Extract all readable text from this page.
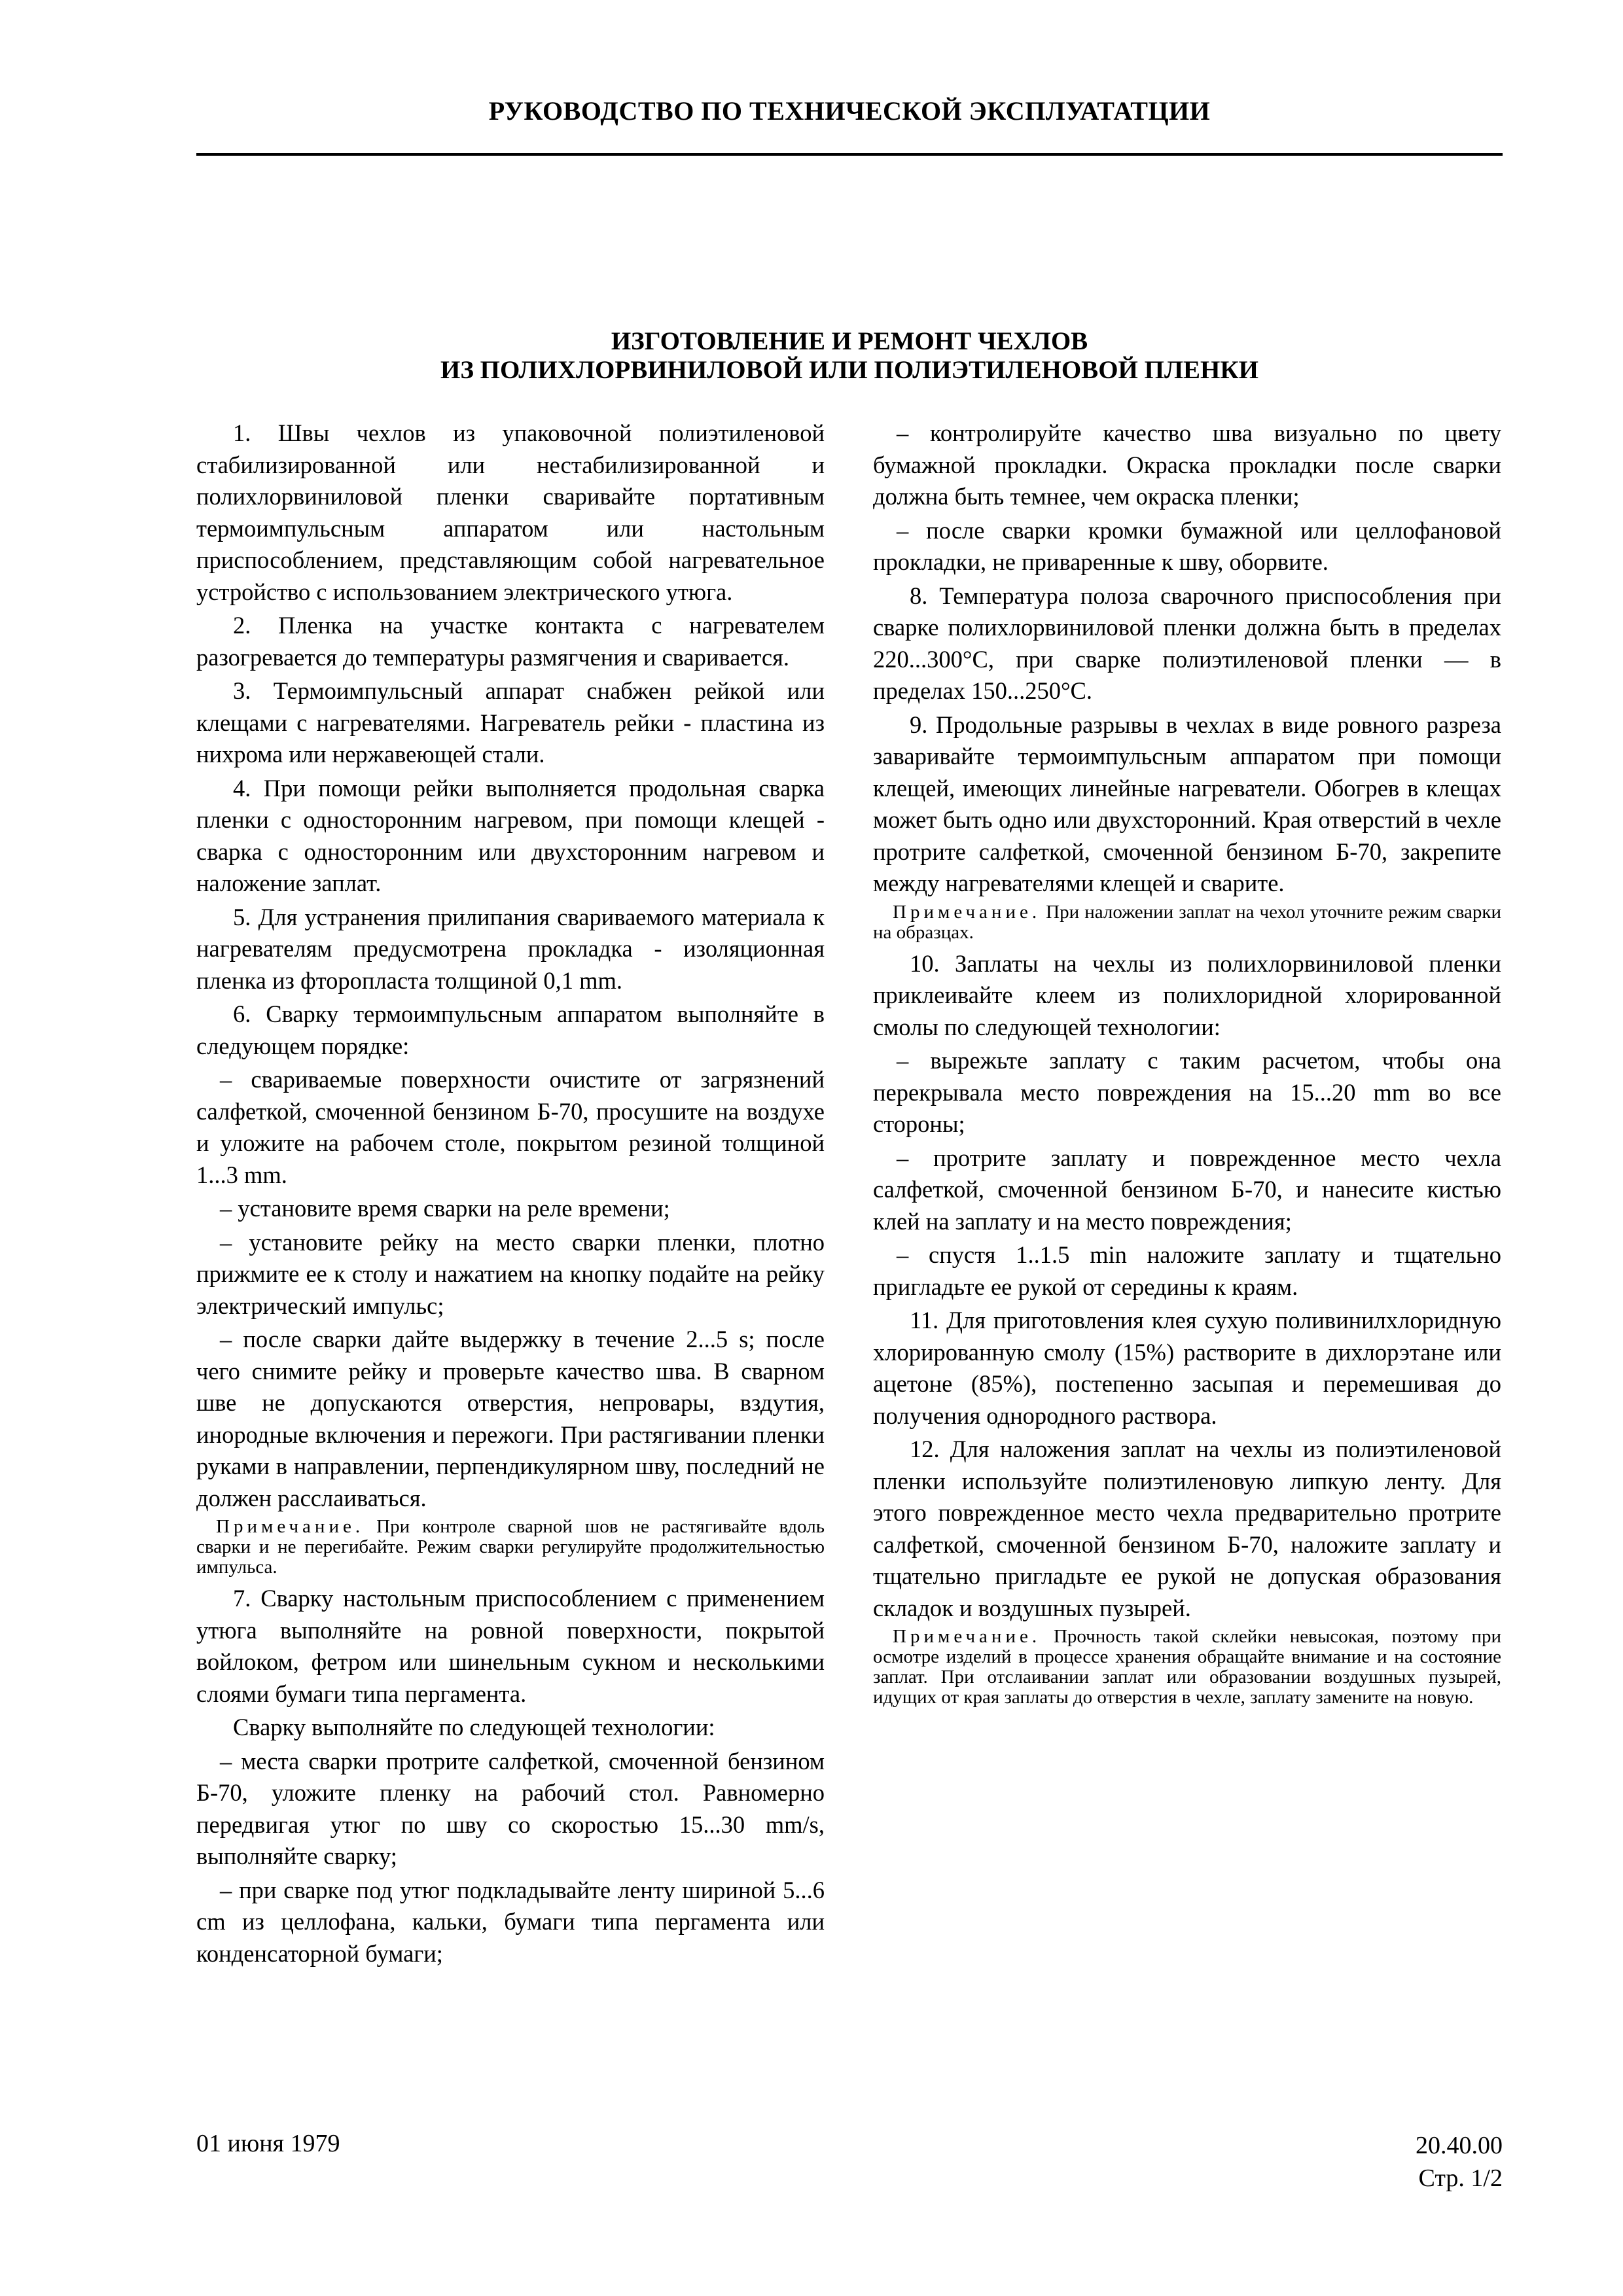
РУКОВОДСТВО ПО ТЕХНИЧЕСКОЙ ЭКСПЛУАТАТЦИИ
ИЗГОТОВЛЕНИЕ И РЕМОНТ ЧЕХЛОВ
ИЗ ПОЛИХЛОРВИНИЛОВОЙ ИЛИ ПОЛИЭТИЛЕНОВОЙ ПЛЕНКИ

1. Швы чехлов из упаковочной полиэтиленовой стабилизированной или нестабилизированной и полихлорвиниловой пленки сваривайте портативным термоимпульсным аппаратом или настольным приспособлением, представляющим собой нагревательное устройство с использованием электрического утюга.

2. Пленка на участке контакта с нагревателем разогревается до температуры размягчения и сваривается.

3. Термоимпульсный аппарат снабжен рейкой или клещами с нагревателями. Нагреватель рейки - пластина из нихрома или нержавеющей стали.

4. При помощи рейки выполняется продольная сварка пленки с односторонним нагревом, при помощи клещей - сварка с односторонним или двухсторонним нагревом и наложение заплат.

5. Для устранения прилипания свариваемого материала к нагревателям предусмотрена прокладка - изоляционная пленка из фторопласта толщиной 0,1 mm.

6. Сварку термоимпульсным аппаратом выполняйте в следующем порядке:

– свариваемые поверхности очистите от загрязнений салфеткой, смоченной бензином Б-70, просушите на воздухе и уложите на рабочем столе, покрытом резиной толщиной 1...3 mm.

– установите время сварки на реле времени;

– установите рейку на место сварки пленки, плотно прижмите ее к столу и нажатием на кнопку подайте на рейку электрический импульс;

– после сварки дайте выдержку в течение 2...5 s; после чего снимите рейку и проверьте качество шва. В сварном шве не допускаются отверстия, непровары, вздутия, инородные включения и пережоги. При растягивании пленки руками в направлении, перпендикулярном шву, последний не должен расслаиваться.

Примечание. При контроле сварной шов не растягивайте вдоль сварки и не перегибайте. Режим сварки регулируйте продолжительностью импульса.

7. Сварку настольным приспособлением с применением утюга выполняйте на ровной поверхности, покрытой войлоком, фетром или шинельным сукном и несколькими слоями бумаги типа пергамента.

Сварку выполняйте по следующей технологии:

– места сварки протрите салфеткой, смоченной бензином Б-70, уложите пленку на рабочий стол. Равномерно передвигая утюг по шву со скоростью 15...30 mm/s, выполняйте сварку;

– при сварке под утюг подкладывайте ленту шириной 5...6 cm из целлофана, кальки, бумаги типа пергамента или конденсаторной бумаги;

– контролируйте качество шва визуально по цвету бумажной прокладки. Окраска прокладки после сварки должна быть темнее, чем окраска пленки;

– после сварки кромки бумажной или целлофановой прокладки, не приваренные к шву, оборвите.

8. Температура полоза сварочного приспособления при сварке полихлорвиниловой пленки должна быть в пределах 220...300°C, при сварке полиэтиленовой пленки — в пределах 150...250°C.

9. Продольные разрывы в чехлах в виде ровного разреза заваривайте термоимпульсным аппаратом при помощи клещей, имеющих линейные нагреватели. Обогрев в клещах может быть одно или двухсторонний. Края отверстий в чехле протрите салфеткой, смоченной бензином Б-70, закрепите между нагревателями клещей и сварите.

Примечание. При наложении заплат на чехол уточните режим сварки на образцах.

10. Заплаты на чехлы из полихлорвиниловой пленки приклеивайте клеем из полихлоридной хлорированной смолы по следующей технологии:

– вырежьте заплату с таким расчетом, чтобы она перекрывала место повреждения на 15...20 mm во все стороны;

– протрите заплату и поврежденное место чехла салфеткой, смоченной бензином Б-70, и нанесите кистью клей на заплату и на место повреждения;

– спустя 1..1.5 min наложите заплату и тщательно пригладьте ее рукой от середины к краям.

11. Для приготовления клея сухую поливинилхлоридную хлорированную смолу (15%) растворите в дихлорэтане или ацетоне (85%), постепенно засыпая и перемешивая до получения однородного раствора.

12. Для наложения заплат на чехлы из полиэтиленовой пленки используйте полиэтиленовую липкую ленту. Для этого поврежденное место чехла предварительно протрите салфеткой, смоченной бензином Б-70, наложите заплату и тщательно пригладьте ее рукой не допуская образования складок и воздушных пузырей.

Примечание. Прочность такой склейки невысокая, поэтому при осмотре изделий в процессе хранения обращайте внимание и на состояние заплат. При отслаивании заплат или образовании воздушных пузырей, идущих от края заплаты до отверстия в чехле, заплату замените на новую.

01 июня 1979	20.40.00
Стр. 1/2
